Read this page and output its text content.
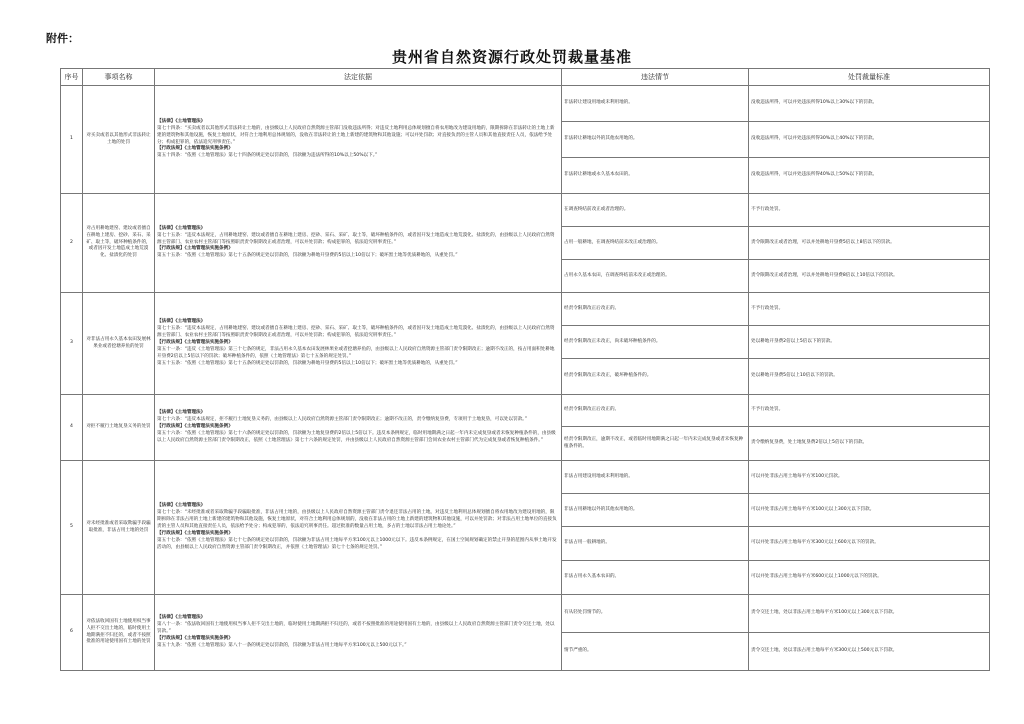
附件：
贵州省自然资源行政处罚裁量基准
序号	事项名称	法定依据	违法情节	处罚裁量标准
1	对买卖或者以其他形式非法转让土地的处罚	【法律】《土地管理法》
第七十四条：“买卖或者以其他形式非法转让土地的，由县级以上人民政府自然资源主管部门没收违法所得；对违反土地利用总体规划擅自将农用地改为建设用地的，限期拆除在非法转让的土地上新建的建筑物和其他设施，恢复土地原状，对符合土地利用总体规划的，没收在非法转让的土地上新建的建筑物和其他设施；可以并处罚款；对直接负责的主管人员和其他直接责任人员，依法给予处分；构成犯罪的，依法追究刑事责任。”
【行政法规】《土地管理法实施条例》
第五十四条：“依照《土地管理法》第七十四条的规定处以罚款的，罚款额为违法所得的10%以上50%以下。”	非法转让建设用地或未利用地的。	没收违法所得，可以并处违法所得10%以上30%以下的罚款。
			非法转让耕地以外的其他农用地的。	没收违法所得，可以并处违法所得30%以上40%以下的罚款。
			非法转让耕地或永久基本农田的。	没收违法所得，可以并处违法所得40%以上50%以下的罚款。
2	对占用耕地建窑、建坟或者擅自在耕地上建房、挖砂、采石、采矿、取土等，破坏种植条件的，或者因开发土地造成土地荒漠化、盐渍化的处罚	【法律】《土地管理法》
第七十五条：“违反本法规定，占用耕地建窑、建坟或者擅自在耕地上建房、挖砂、采石、采矿、取土等，破坏种植条件的，或者因开发土地造成土地荒漠化、盐渍化的，由县级以上人民政府自然资源主管部门、农业农村主管部门等按照职责责令限期改正或者治理，可以并处罚款；构成犯罪的，依法追究刑事责任。”
【行政法规】《土地管理法实施条例》
第五十五条：“依照《土地管理法》第七十五条的规定处以罚款的，罚款额为耕地开垦费的5倍以上10倍以下；破坏黑土地等优质耕地的，从重处罚。”	在调查终结前改正或者治理的。	不予行政处罚。
			占用一般耕地，在调查终结前未改正或治理的。	责令限期改正或者治理，可以并处耕地开垦费5倍以上8倍以下的罚款。
			占用永久基本农田，在调查终结前未改正或治理的。	责令限期改正或者治理，可以并处耕地开垦费8倍以上10倍以下的罚款。
3	对非法占用永久基本农田发展林果业或者挖塘养鱼的处罚	【法律】《土地管理法》
第七十五条：“违反本法规定，占用耕地建窑、建坟或者擅自在耕地上建房、挖砂、采石、采矿、取土等，破坏种植条件的，或者因开发土地造成土地荒漠化、盐渍化的，由县级以上人民政府自然资源主管部门、农业农村主管部门等按照职责责令限期改正或者治理，可以并处罚款；构成犯罪的，依法追究刑事责任。”
【行政法规】《土地管理法实施条例》
第五十一条：“违反《土地管理法》第三十七条的规定，非法占用永久基本农田发展林果业或者挖塘养鱼的，由县级以上人民政府自然资源主管部门责令限期改正；逾期不改正的，按占用面积处耕地开垦费2倍以上5倍以下的罚款；破坏种植条件的，依照《土地管理法》第七十五条的规定处罚。”
第五十五条：“依照《土地管理法》第七十五条的规定处以罚款的，罚款额为耕地开垦费的5倍以上10倍以下；破坏黑土地等优质耕地的，从重处罚。”	经责令限期改正后改正的。	不予行政处罚。
			经责令限期改正未改正，尚未破坏种植条件的。	处以耕地开垦费2倍以上5倍以下的罚款。
			经责令限期改正未改正，破坏种植条件的。	处以耕地开垦费5倍以上10倍以下的罚款。
4	对拒不履行土地复垦义务的处罚	【法律】《土地管理法》
第七十六条：“违反本法规定，拒不履行土地复垦义务的，由县级以上人民政府自然资源主管部门责令限期改正；逾期不改正的，责令缴纳复垦费，专项用于土地复垦，可以处以罚款。”
【行政法规】《土地管理法实施条例》
第五十六条：“依照《土地管理法》第七十六条的规定处以罚款的，罚款额为土地复垦费的2倍以上5倍以下。违反本条例规定，临时用地期满之日起一年内未完成复垦或者未恢复种植条件的，由县级以上人民政府自然资源主管部门责令限期改正，依照《土地管理法》第七十六条的规定处罚，并由县级以上人民政府自然资源主管部门会同农业农村主管部门代为完成复垦或者恢复种植条件。”	经责令限期改正后改正的。	不予行政处罚。
			经责令限期改正，逾期不改正，或者临时用地期满之日起一年内未完成复垦或者未恢复种植条件的。	责令缴纳复垦费，处土地复垦费2倍以上5倍以下的罚款。
5	对未经批准或者采取欺骗手段骗取批准，非法占用土地的处罚	【法律】《土地管理法》
第七十七条：“未经批准或者采取欺骗手段骗取批准，非法占用土地的，由县级以上人民政府自然资源主管部门责令退还非法占用的土地，对违反土地利用总体规划擅自将农用地改为建设用地的，限期拆除在非法占用的土地上新建的建筑物和其他设施，恢复土地原状，对符合土地利用总体规划的，没收在非法占用的土地上新建的建筑物和其他设施，可以并处罚款；对非法占用土地单位的直接负责的主管人员和其他直接责任人员，依法给予处分；构成犯罪的，依法追究刑事责任。超过批准的数量占用土地，多占的土地以非法占用土地论处。”
【行政法规】《土地管理法实施条例》
第五十七条：“依照《土地管理法》第七十七条的规定处以罚款的，罚款额为非法占用土地每平方米100元以上1000元以下。违反本条例规定，在国土空间规划确定的禁止开垦的范围内从事土地开发活动的，由县级以上人民政府自然资源主管部门责令限期改正，并依照《土地管理法》第七十七条的规定处罚。”	非法占用建设用地或未利用地的。	可以并处非法占用土地每平方米100元罚款。
			非法占用耕地以外的其他农用地的。	可以并处非法占用土地每平方米100元以上300元以下罚款。
			非法占用一般耕地的。	可以并处非法占用土地每平方米300元以上600元以下的罚款。
			非法占用永久基本农田的。	可以并处非法占用土地每平方米600元以上1000元以下的罚款。
6	对依法收回国有土地使用权当事人拒不交出土地的，临时使用土地期满拒不归还的，或者不按照批准的用途使用国有土地的处罚	【法律】《土地管理法》
第八十一条：“依法收回国有土地使用权当事人拒不交出土地的，临时使用土地期满拒不归还的，或者不按照批准的用途使用国有土地的，由县级以上人民政府自然资源主管部门责令交还土地，处以罚款。”
【行政法规】《土地管理法实施条例》
第五十九条：“依照《土地管理法》第八十一条的规定处以罚款的，罚款额为非法占用土地每平方米100元以上500元以下。”	有从轻处罚情节的。	责令交还土地，处以非法占用土地每平方米100元以上300元以下罚款。
			情节严重的。	责令交还土地，处以非法占用土地每平方米300元以上500元以下罚款。
